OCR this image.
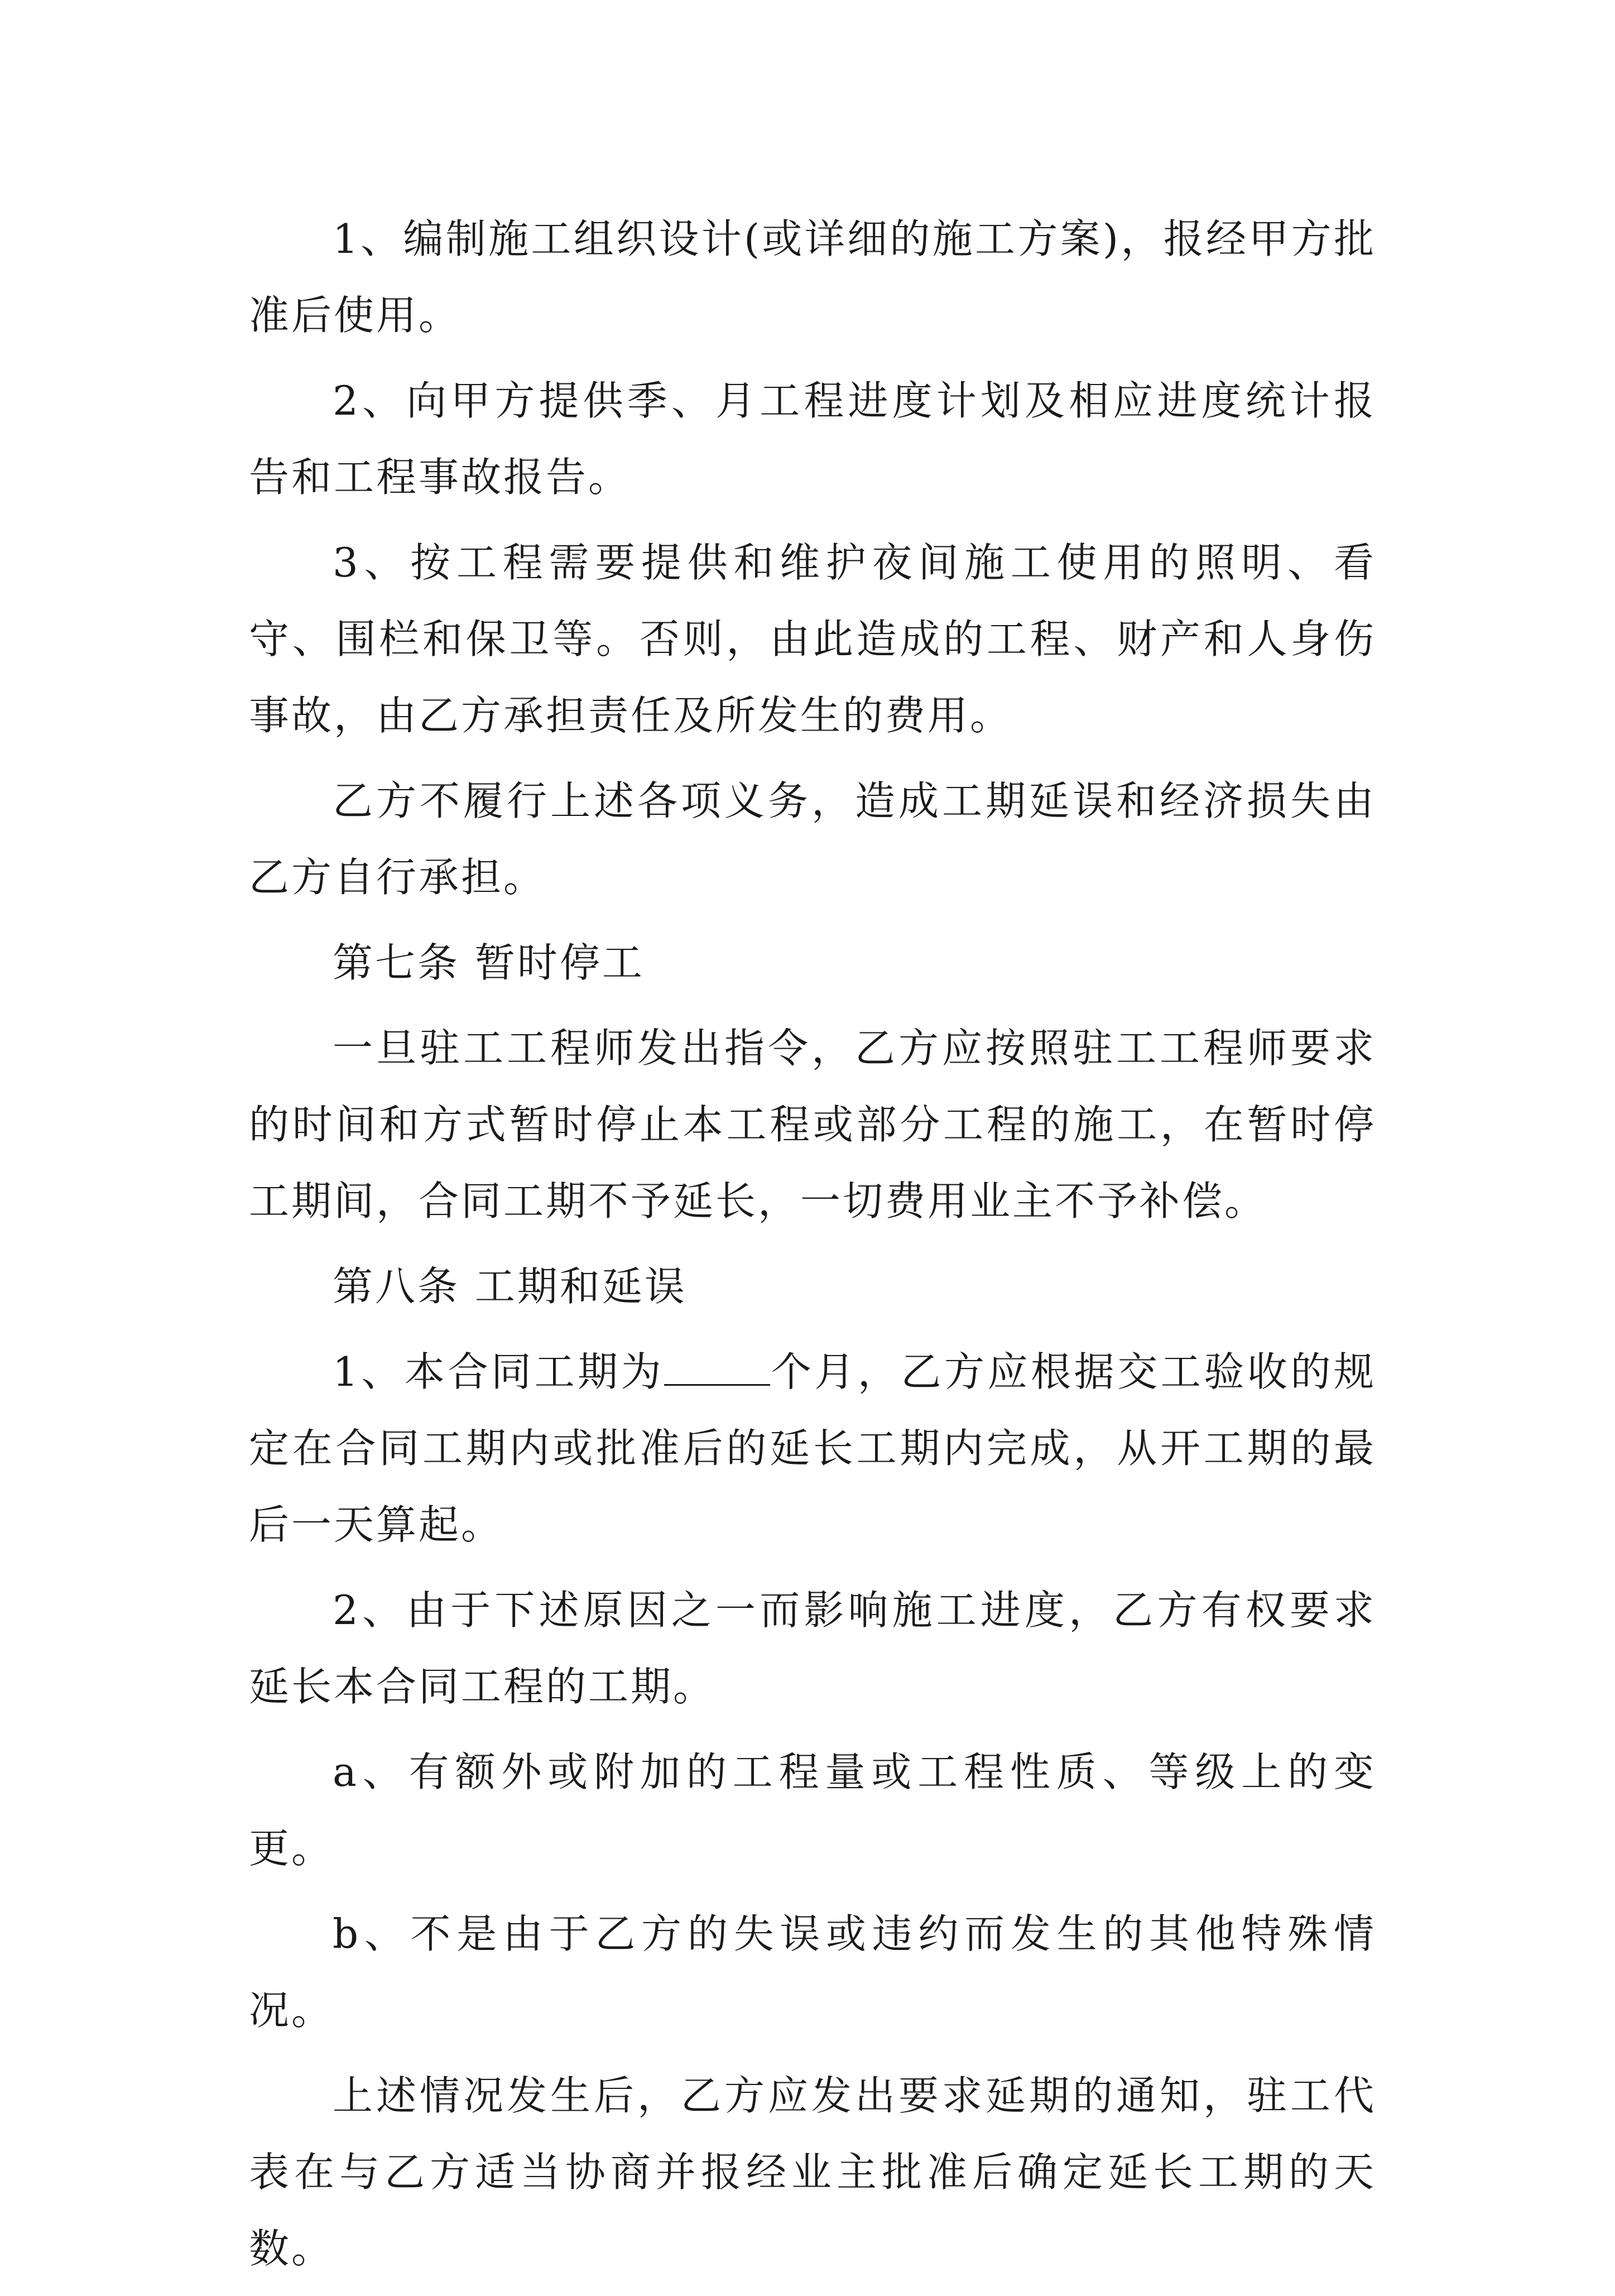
1、编制施工组织设计(或详细的施工方案)，报经甲方批准后使用。

2、向甲方提供季、月工程进度计划及相应进度统计报告和工程事故报告。

3、按工程需要提供和维护夜间施工使用的照明、看守、围栏和保卫等。否则，由此造成的工程、财产和人身伤事故，由乙方承担责任及所发生的费用。

乙方不履行上述各项义务，造成工期延误和经济损失由乙方自行承担。

第七条 暂时停工

一旦驻工工程师发出指令，乙方应按照驻工工程师要求的时间和方式暂时停止本工程或部分工程的施工，在暂时停工期间，合同工期不予延长，一切费用业主不予补偿。

第八条 工期和延误

1、本合同工期为	个月，乙方应根据交工验收的规定在合同工期内或批准后的延长工期内完成，从开工期的最后一天算起。

2、由于下述原因之一而影响施工进度，乙方有权要求延长本合同工程的工期。

a、有额外或附加的工程量或工程性质、等级上的变更。

b、不是由于乙方的失误或违约而发生的其他特殊情况。

上述情况发生后，乙方应发出要求延期的通知，驻工代表在与乙方适当协商并报经业主批准后确定延长工期的天数。
